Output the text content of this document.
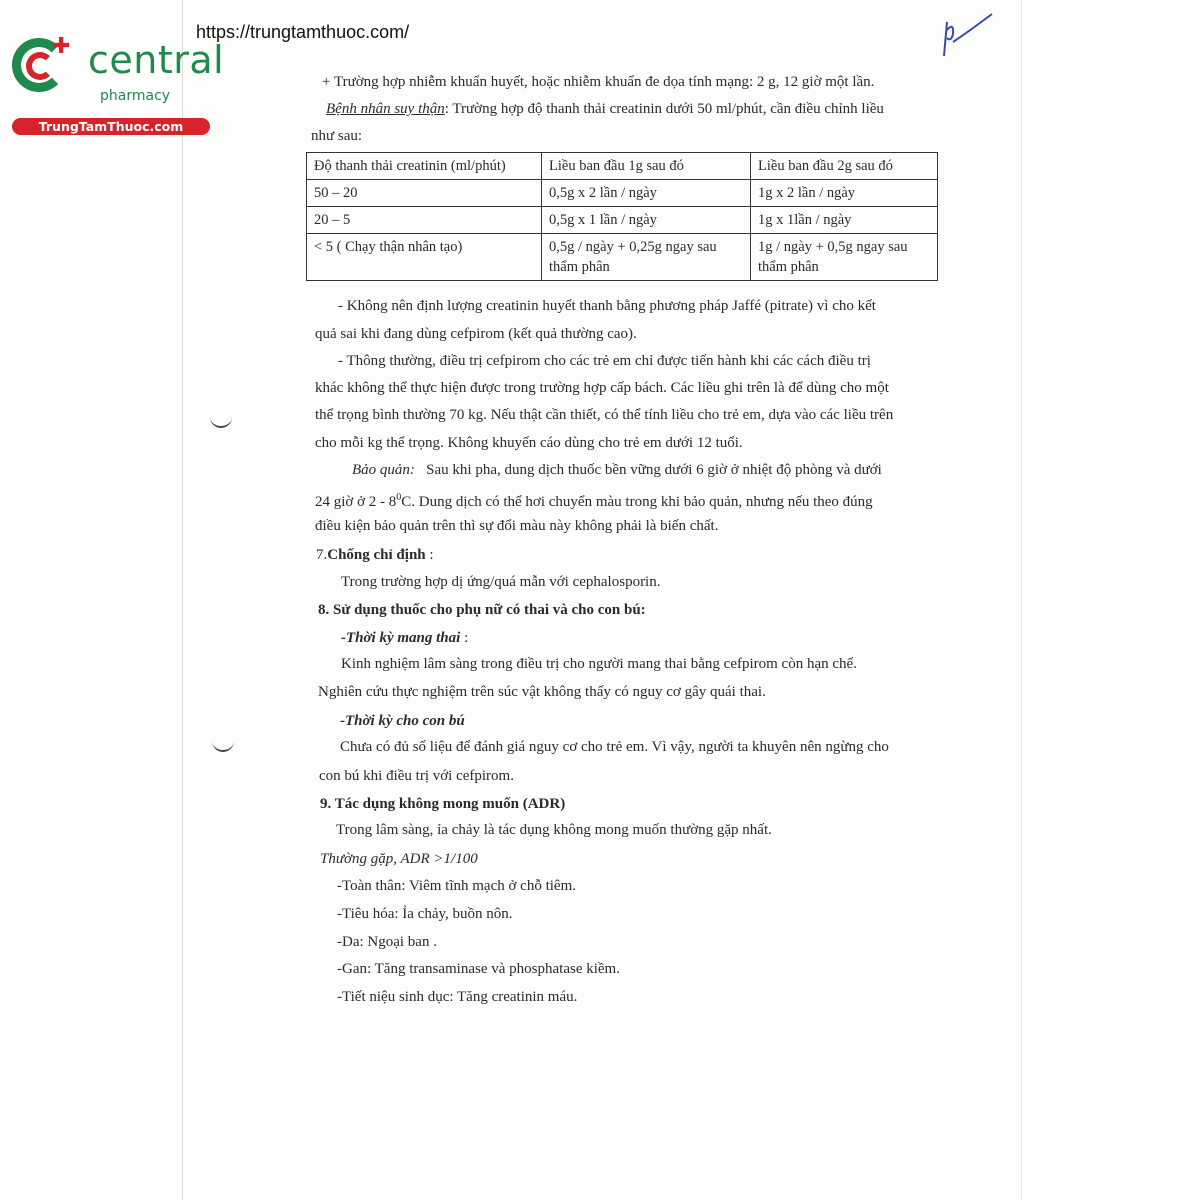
✚ central
pharmacy
TrungTamThuoc.com
https://trungtamthuoc.com/
+ Trường hợp nhiễm khuẩn huyết, hoặc nhiễm khuẩn đe dọa tính mạng: 2 g, 12 giờ một lần.
Bệnh nhân suy thận: Trường hợp độ thanh thải creatinin dưới 50 ml/phút, cần điều chỉnh liều
như sau:
Độ thanh thải creatinin (ml/phút)	Liều ban đầu 1g sau đó	Liều ban đầu 2g sau đó
50 – 20	0,5g x 2 lần / ngày	1g x 2 lần / ngày
20 – 5	0,5g x 1 lần / ngày	1g x 1lần / ngày
< 5 ( Chạy thận nhân tạo)	0,5g / ngày + 0,25g ngay sau thẩm phân	1g / ngày + 0,5g ngay sau thẩm phân
- Không nên định lượng creatinin huyết thanh bằng phương pháp Jaffé (pitrate) vì cho kết
quả sai khi đang dùng cefpirom (kết quả thường cao).
- Thông thường, điều trị cefpirom cho các trẻ em chỉ được tiến hành khi các cách điều trị
khác không thể thực hiện được trong trường hợp cấp bách. Các liều ghi trên là để dùng cho một
thể trọng bình thường 70 kg. Nếu thật cần thiết, có thể tính liều cho trẻ em, dựa vào các liều trên
cho mỗi kg thể trọng. Không khuyến cáo dùng cho trẻ em dưới 12 tuổi.
Bảo quản: Sau khi pha, dung dịch thuốc bền vững dưới 6 giờ ở nhiệt độ phòng và dưới
24 giờ ở $2 - 8^0C$. Dung dịch có thể hơi chuyển màu trong khi bảo quản, nhưng nếu theo đúng
điều kiện bảo quản trên thì sự đổi màu này không phải là biến chất.
7.Chống chỉ định :
Trong trường hợp dị ứng/quá mẫn với cephalosporin.
8. Sử dụng thuốc cho phụ nữ có thai và cho con bú:
-Thời kỳ mang thai :
Kinh nghiệm lâm sàng trong điều trị cho người mang thai bằng cefpirom còn hạn chế.
Nghiên cứu thực nghiệm trên súc vật không thấy có nguy cơ gây quái thai.
-Thời kỳ cho con bú
Chưa có đủ số liệu để đánh giá nguy cơ cho trẻ em. Vì vậy, người ta khuyên nên ngừng cho
con bú khi điều trị với cefpirom.
9. Tác dụng không mong muốn (ADR)
Trong lâm sàng, ỉa chảy là tác dụng không mong muốn thường gặp nhất.
Thường gặp, ADR >1/100
-Toàn thân: Viêm tĩnh mạch ở chỗ tiêm.
-Tiêu hóa: Ỉa chảy, buồn nôn.
-Da: Ngoại ban .
-Gan: Tăng transaminase và phosphatase kiềm.
-Tiết niệu sinh dục: Tăng creatinin máu.
